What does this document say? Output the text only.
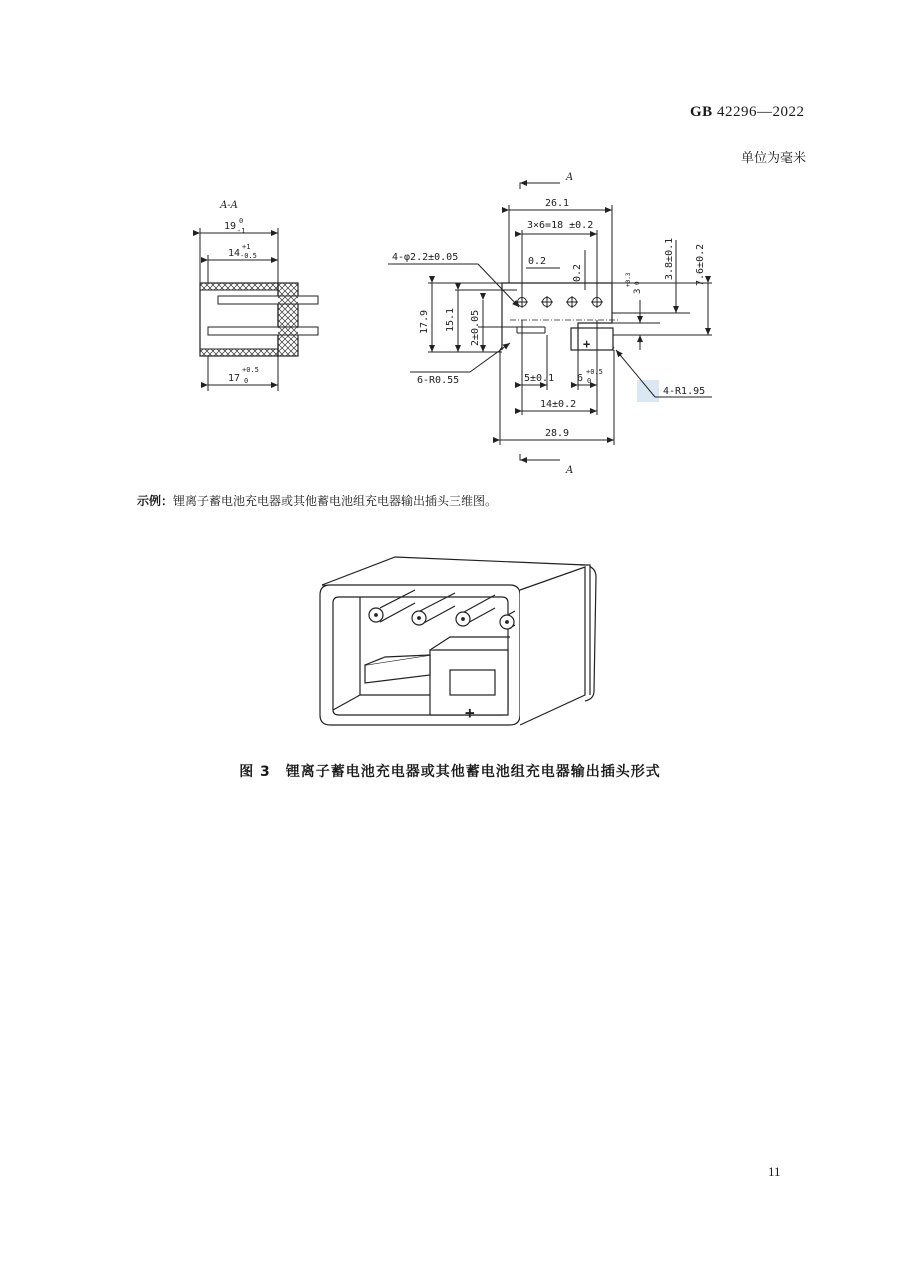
GB 42296—2022
单位为毫米
A-A
19 0
-1
14
+1
-0.5
17
+0.5
0
A
A
26.1
3×6=18 ±0.2
4-φ2.2±0.05	0.2
0.2
+
17.9 15.1 2±0.05
6-R0.55	5±0.1 6
+0.5
0
14±0.2
28.9
4-R1.95
3
+0.3 0
3.8±0.1 7.6±0.2
示例：锂离子蓄电池充电器或其他蓄电池组充电器输出插头三维图。
+
图 3　锂离子蓄电池充电器或其他蓄电池组充电器输出插头形式
11
